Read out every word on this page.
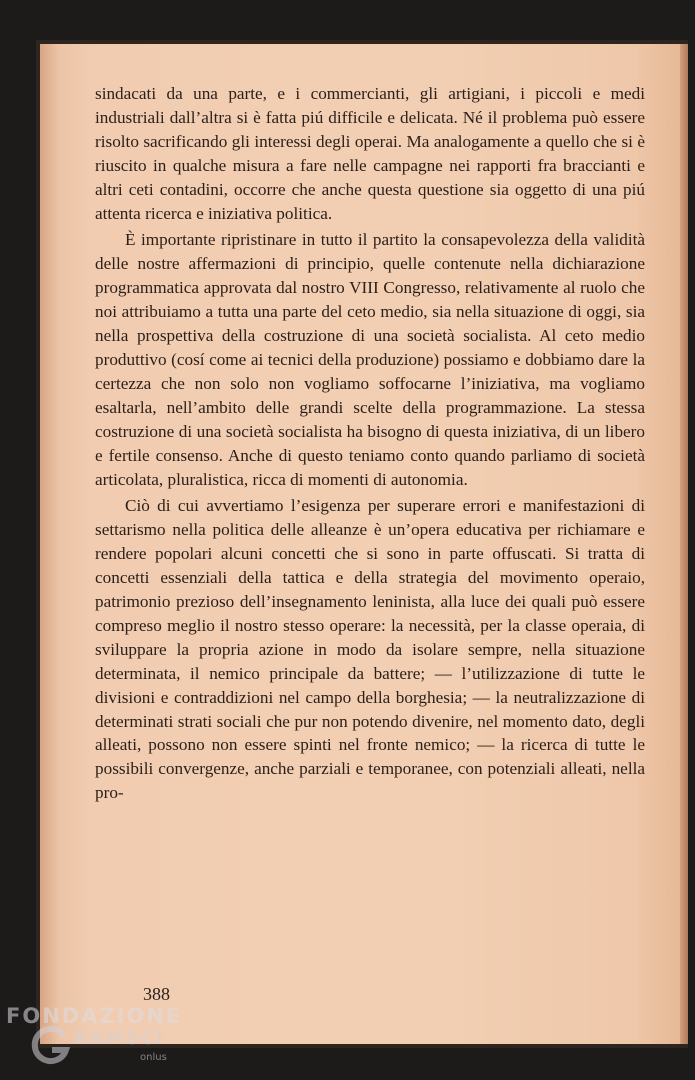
sindacati da una parte, e i commercianti, gli artigiani, i piccoli e medi industriali dall’altra si è fatta piú difficile e delicata. Né il problema può essere risolto sacrificando gli interessi degli operai. Ma analogamente a quello che si è riuscito in qualche misura a fare nelle campagne nei rapporti fra braccianti e altri ceti contadini, occorre che anche questa questione sia oggetto di una piú attenta ricerca e iniziativa politica.

È importante ripristinare in tutto il partito la consapevolezza della validità delle nostre affermazioni di principio, quelle contenute nella dichiarazione programmatica approvata dal nostro VIII Congresso, relativamente al ruolo che noi attribuiamo a tutta una parte del ceto medio, sia nella situazione di oggi, sia nella prospettiva della costruzione di una società socialista. Al ceto medio produttivo (cosí come ai tecnici della produzione) possiamo e dobbiamo dare la certezza che non solo non vogliamo soffocarne l’iniziativa, ma vogliamo esaltarla, nell’ambito delle grandi scelte della programmazione. La stessa costruzione di una società socialista ha bisogno di questa iniziativa, di un libero e fertile consenso. Anche di questo teniamo conto quando parliamo di società articolata, pluralistica, ricca di momenti di autonomia.

Ciò di cui avvertiamo l’esigenza per superare errori e manifestazioni di settarismo nella politica delle alleanze è un’opera educativa per richiamare e rendere popolari alcuni concetti che si sono in parte offuscati. Si tratta di concetti essenziali della tattica e della strategia del movimento operaio, patrimonio prezioso dell’insegnamento leninista, alla luce dei quali può essere compreso meglio il nostro stesso operare: la necessità, per la classe operaia, di sviluppare la propria azione in modo da isolare sempre, nella situazione determinata, il nemico principale da battere; — l’utilizzazione di tutte le divisioni e contraddizioni nel campo della borghesia; — la neutralizzazione di determinati strati sociali che pur non potendo divenire, nel momento dato, degli alleati, possono non essere spinti nel fronte nemico; — la ricerca di tutte le possibili convergenze, anche parziali e temporanee, con potenziali alleati, nella pro-

388
FONDAZIONE
RAMSCI
onlus
